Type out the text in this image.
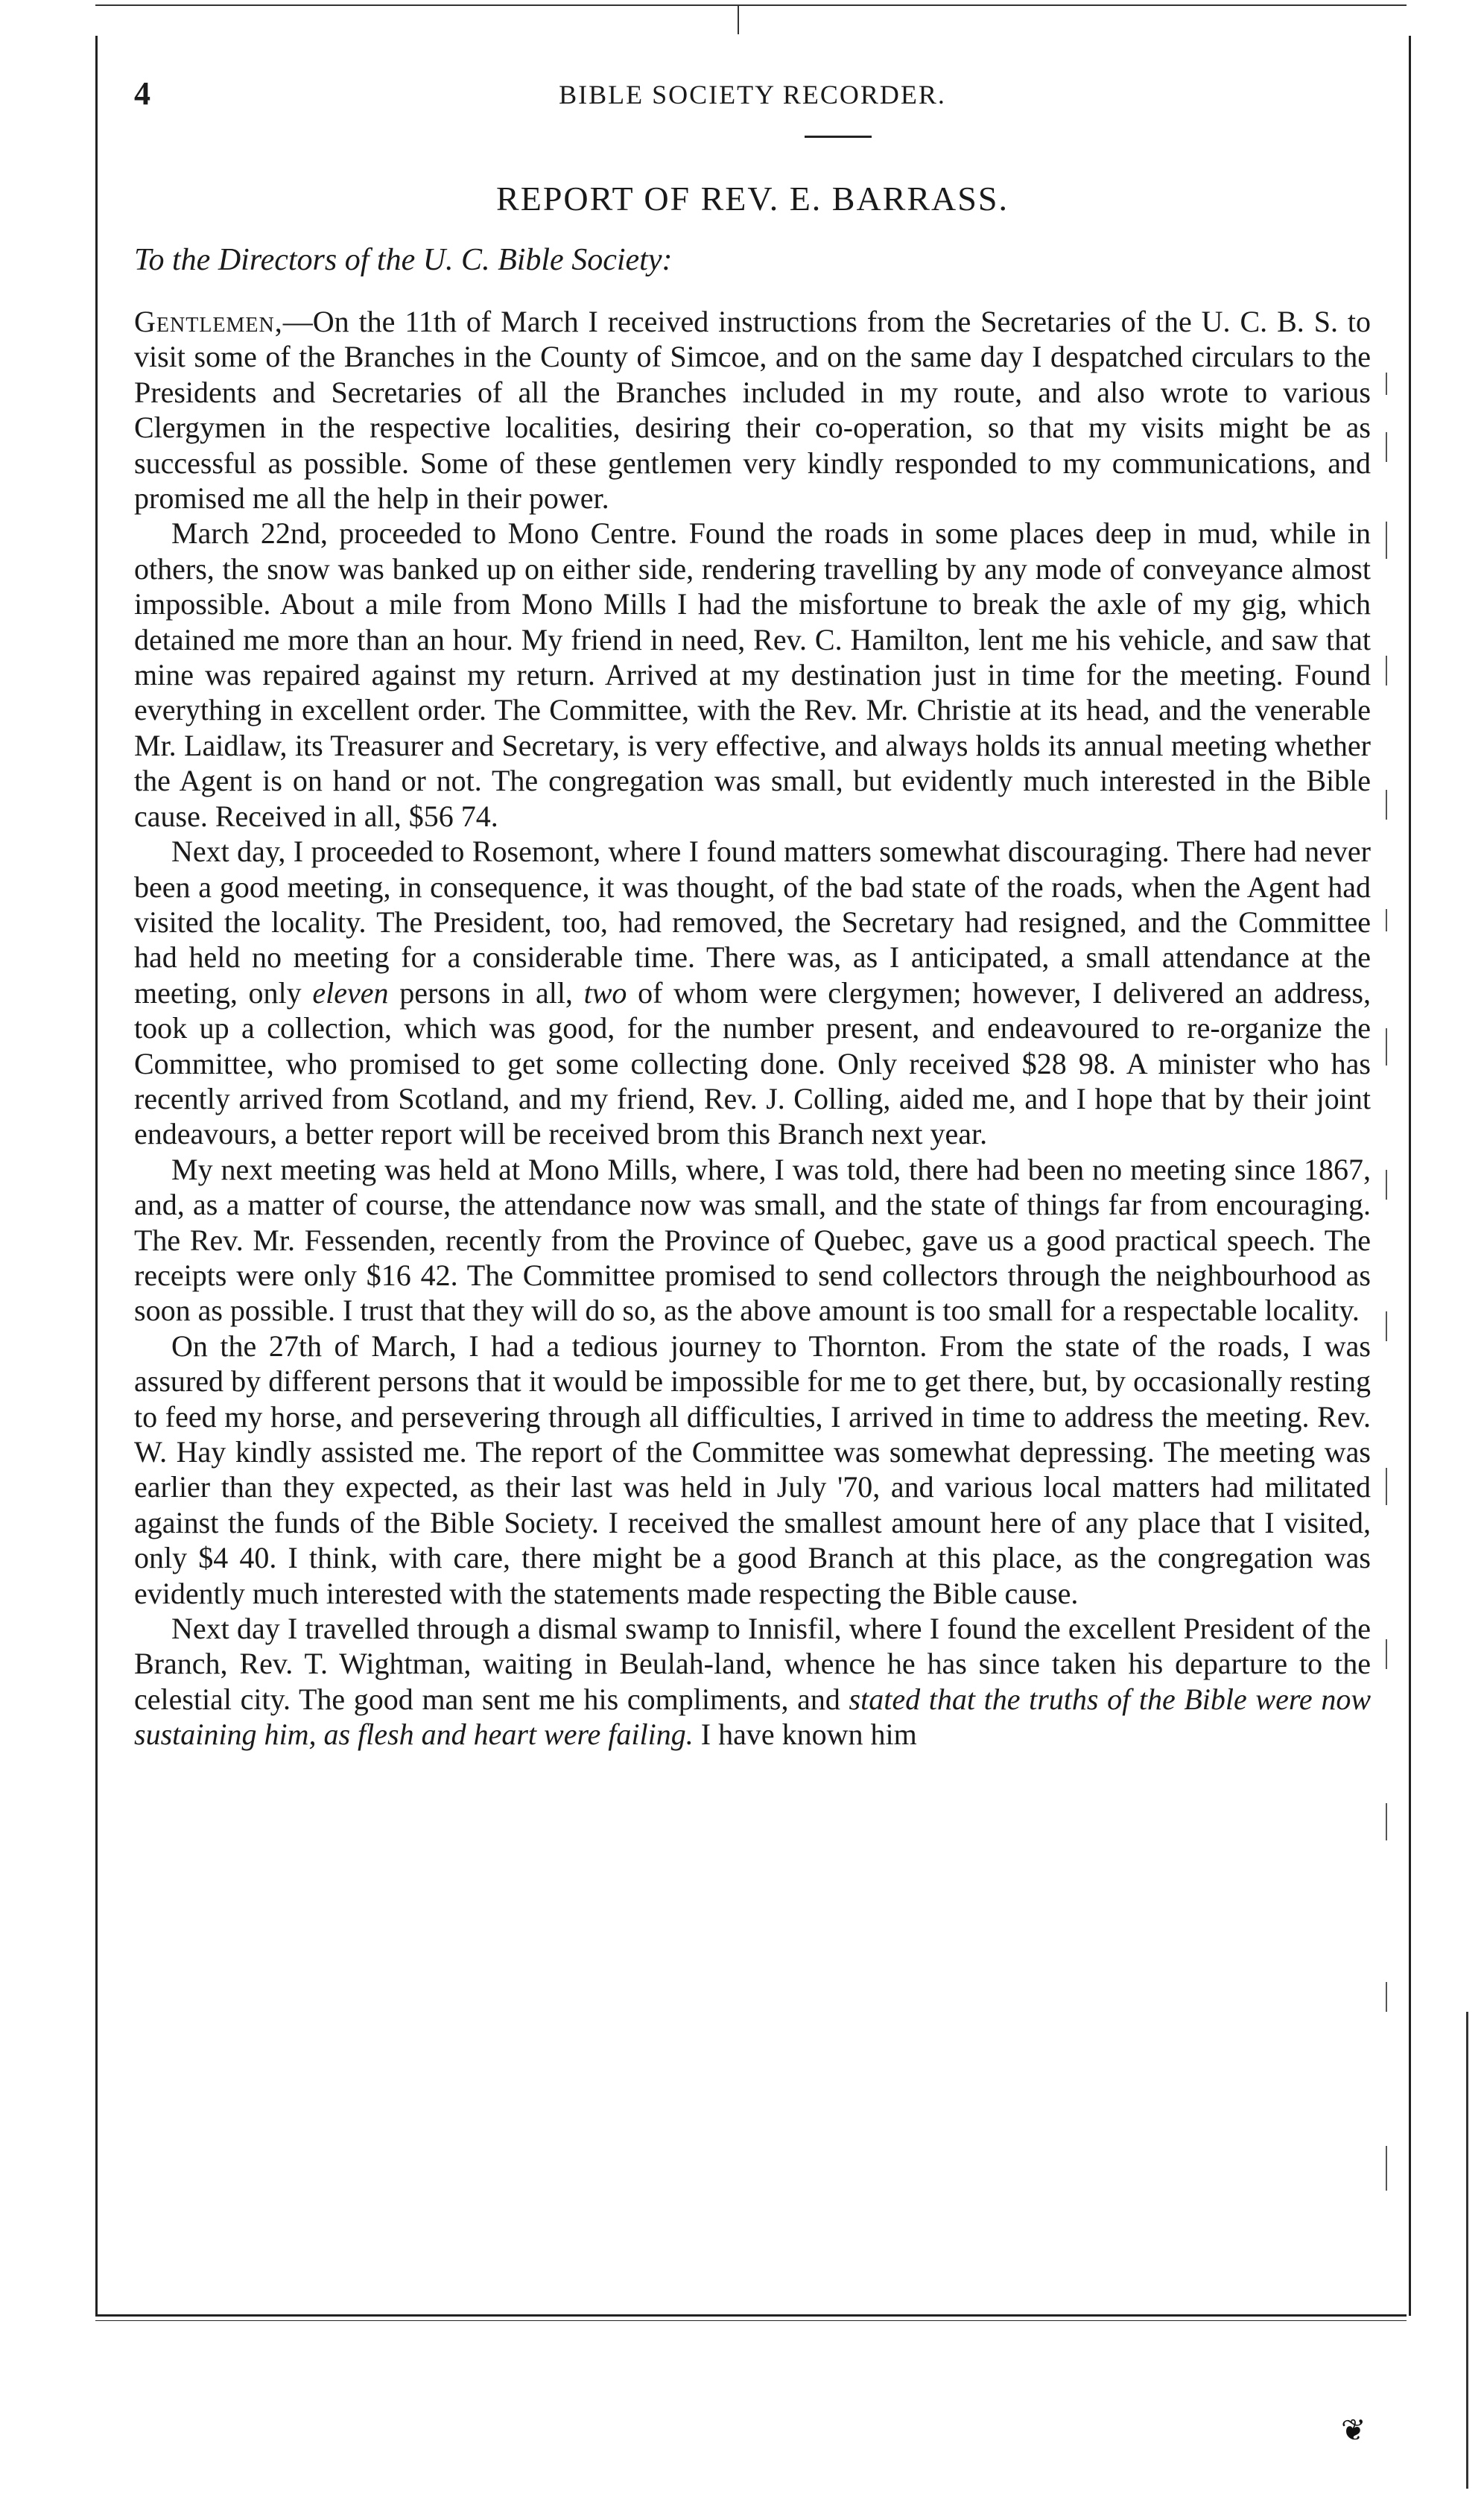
4	BIBLE SOCIETY RECORDER.
REPORT OF REV. E. BARRASS.
To the Directors of the U. C. Bible Society:

Gentlemen,—On the 11th of March I received instructions from the Secretaries of the U. C. B. S. to visit some of the Branches in the County of Simcoe, and on the same day I despatched circulars to the Presidents and Secretaries of all the Branches included in my route, and also wrote to various Clergymen in the respective localities, desiring their co-operation, so that my visits might be as successful as possible. Some of these gentlemen very kindly responded to my communications, and promised me all the help in their power.

March 22nd, proceeded to Mono Centre. Found the roads in some places deep in mud, while in others, the snow was banked up on either side, rendering travelling by any mode of conveyance almost impossible. About a mile from Mono Mills I had the misfortune to break the axle of my gig, which detained me more than an hour. My friend in need, Rev. C. Hamilton, lent me his vehicle, and saw that mine was repaired against my return. Arrived at my destination just in time for the meeting. Found everything in excellent order. The Committee, with the Rev. Mr. Christie at its head, and the venerable Mr. Laidlaw, its Treasurer and Secretary, is very effective, and always holds its annual meeting whether the Agent is on hand or not. The congregation was small, but evidently much interested in the Bible cause. Received in all, $56 74.

Next day, I proceeded to Rosemont, where I found matters somewhat discouraging. There had never been a good meeting, in consequence, it was thought, of the bad state of the roads, when the Agent had visited the locality. The President, too, had removed, the Secretary had resigned, and the Committee had held no meeting for a considerable time. There was, as I anticipated, a small attendance at the meeting, only eleven persons in all, two of whom were clergymen; however, I delivered an address, took up a collection, which was good, for the number present, and endeavoured to re-organize the Committee, who promised to get some collecting done. Only received $28 98. A minister who has recently arrived from Scotland, and my friend, Rev. J. Colling, aided me, and I hope that by their joint endeavours, a better report will be received brom this Branch next year.

My next meeting was held at Mono Mills, where, I was told, there had been no meeting since 1867, and, as a matter of course, the attendance now was small, and the state of things far from encouraging. The Rev. Mr. Fessenden, recently from the Province of Quebec, gave us a good practical speech. The receipts were only $16 42. The Committee promised to send collectors through the neighbourhood as soon as possible. I trust that they will do so, as the above amount is too small for a respectable locality.

On the 27th of March, I had a tedious journey to Thornton. From the state of the roads, I was assured by different persons that it would be impossible for me to get there, but, by occasionally resting to feed my horse, and persevering through all difficulties, I arrived in time to address the meeting. Rev. W. Hay kindly assisted me. The report of the Committee was somewhat depressing. The meeting was earlier than they expected, as their last was held in July '70, and various local matters had militated against the funds of the Bible Society. I received the smallest amount here of any place that I visited, only $4 40. I think, with care, there might be a good Branch at this place, as the congregation was evidently much interested with the statements made respecting the Bible cause.

Next day I travelled through a dismal swamp to Innisfil, where I found the excellent President of the Branch, Rev. T. Wightman, waiting in Beulah-land, whence he has since taken his departure to the celestial city. The good man sent me his compliments, and stated that the truths of the Bible were now sustaining him, as flesh and heart were failing. I have known him

❦
